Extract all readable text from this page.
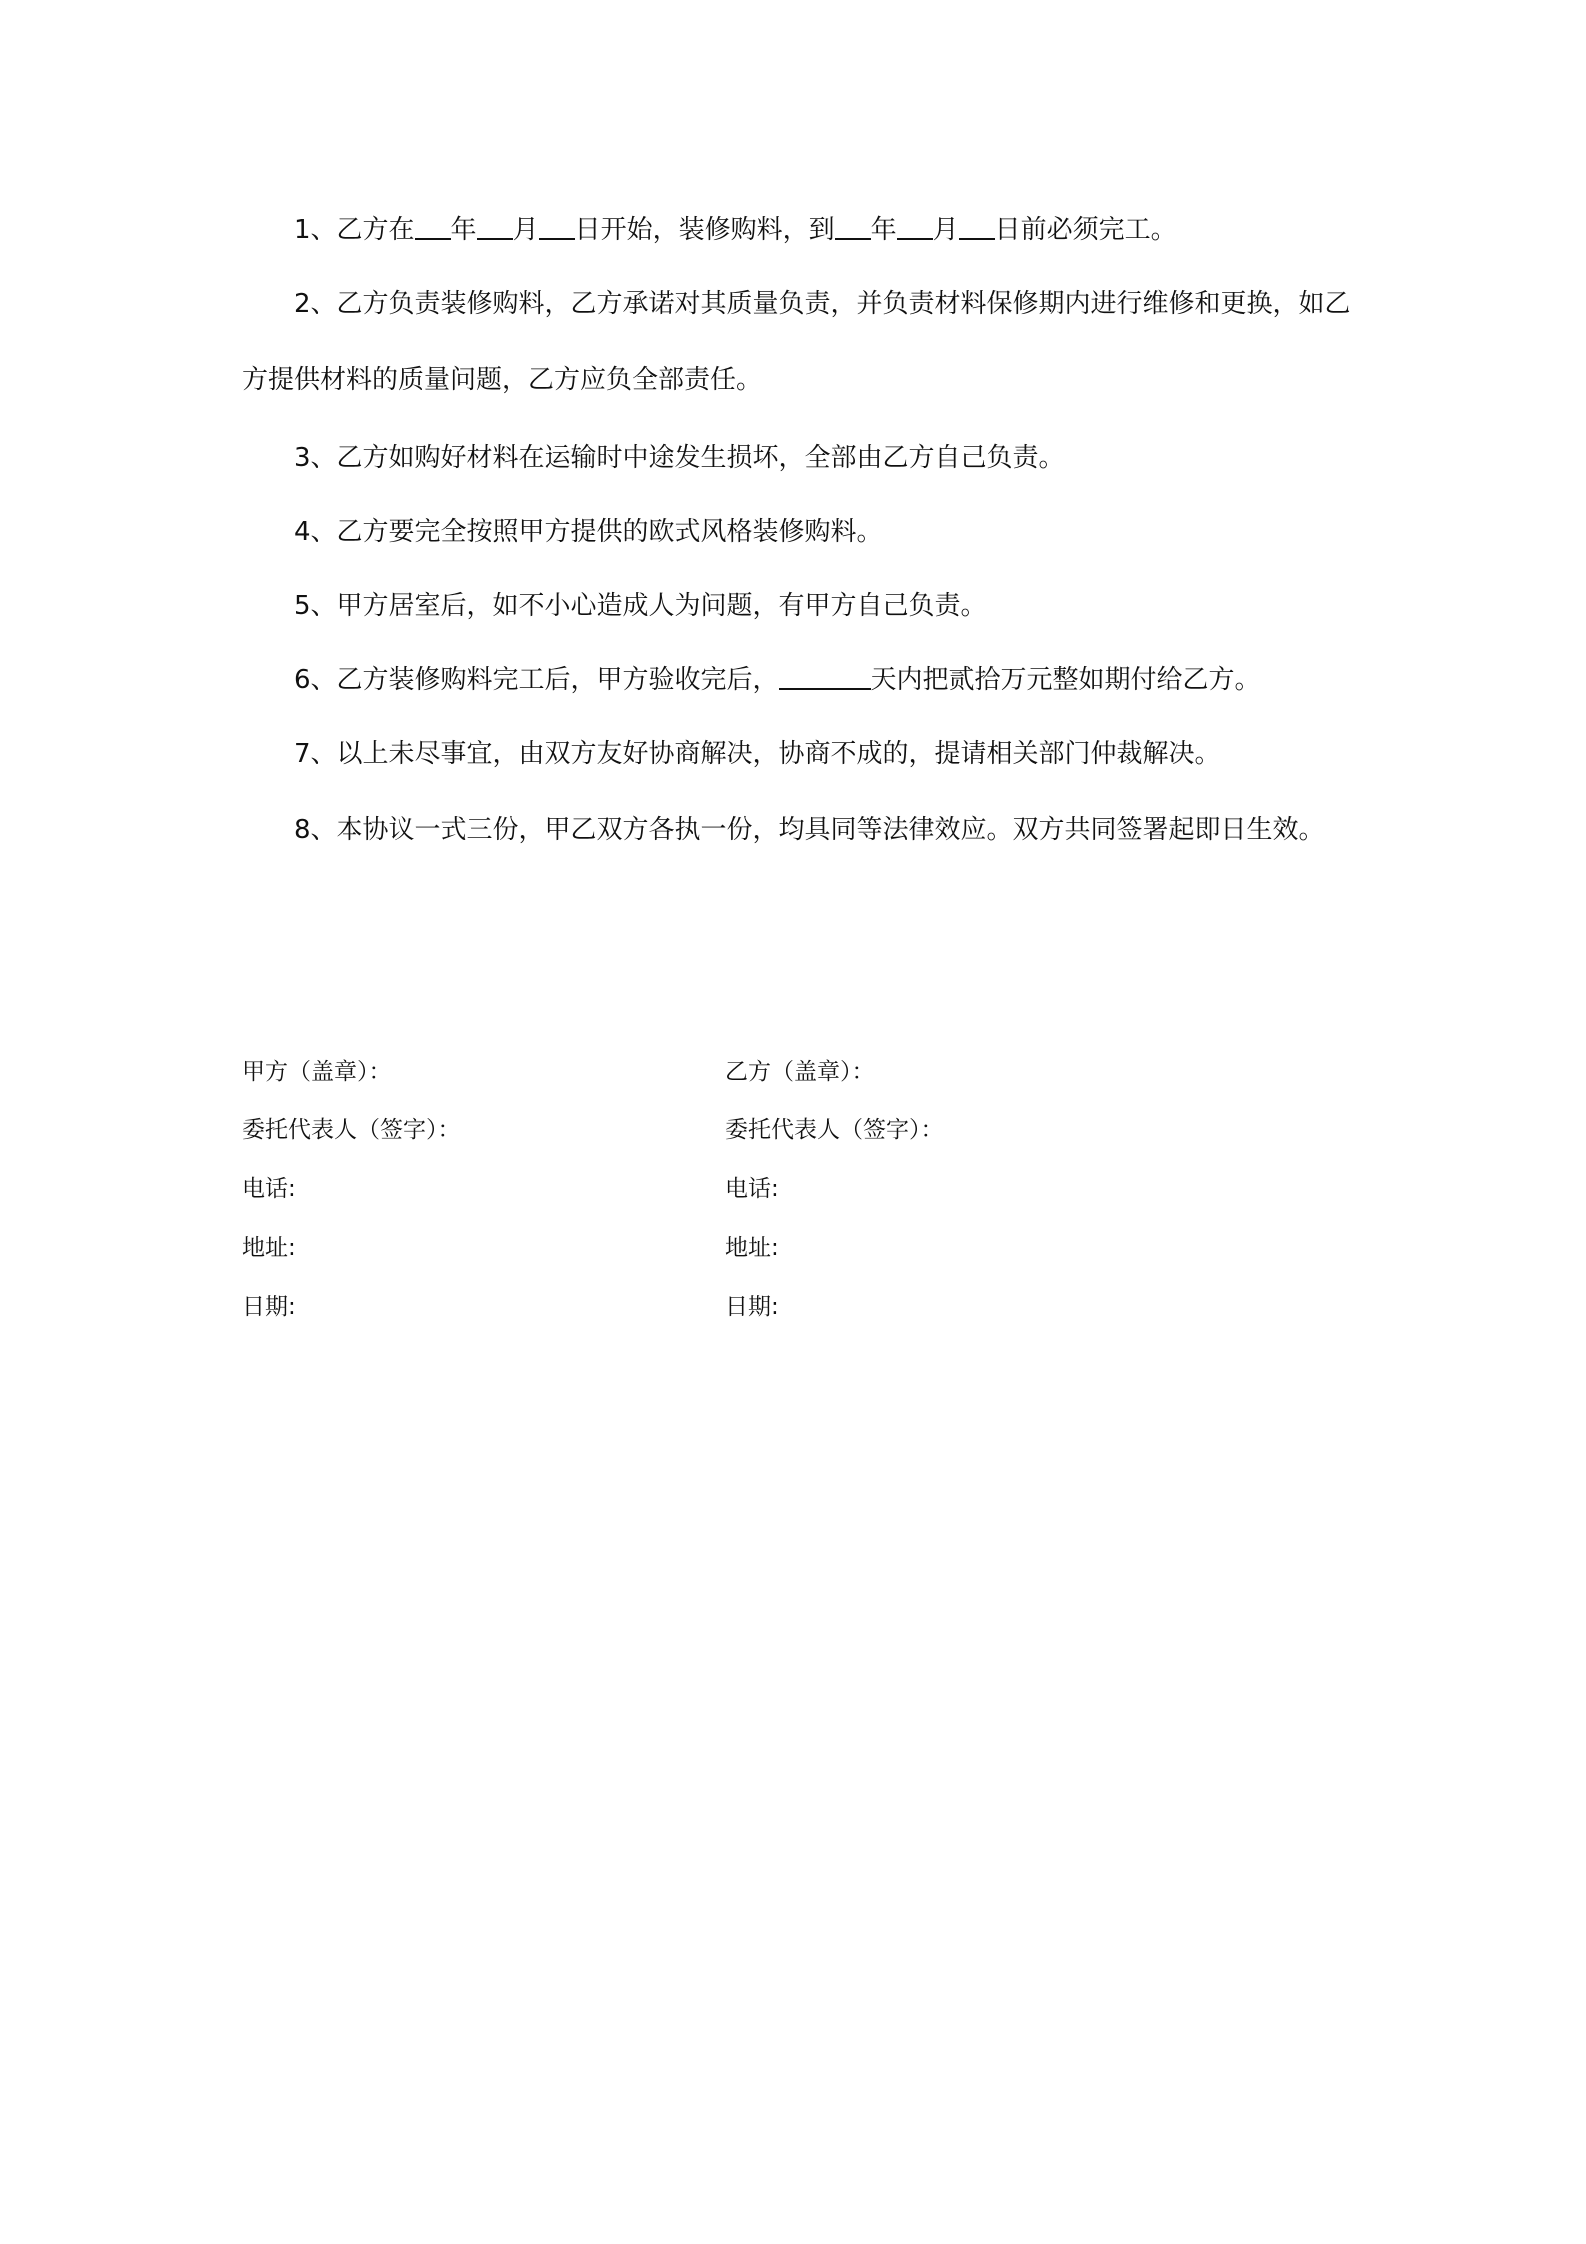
1、乙方在 年 月 日开始，装修购料，到 年 月 日前必须完工。

2、乙方负责装修购料，乙方承诺对其质量负责，并负责材料保修期内进行维修和更换，如乙方提供材料的质量问题，乙方应负全部责任。

3、乙方如购好材料在运输时中途发生损坏，全部由乙方自己负责。

4、乙方要完全按照甲方提供的欧式风格装修购料。

5、甲方居室后，如不小心造成人为问题，有甲方自己负责。

6、乙方装修购料完工后，甲方验收完后，	天内把贰拾万元整如期付给乙方。

7、以上未尽事宜，由双方友好协商解决，协商不成的，提请相关部门仲裁解决。

8、本协议一式三份，甲乙双方各执一份，均具同等法律效应。双方共同签署起即日生效。

甲方（盖章）：

委托代表人（签字）：

电话:

地址:

日期:

乙方（盖章）：

委托代表人（签字）：

电话:

地址:

日期:
